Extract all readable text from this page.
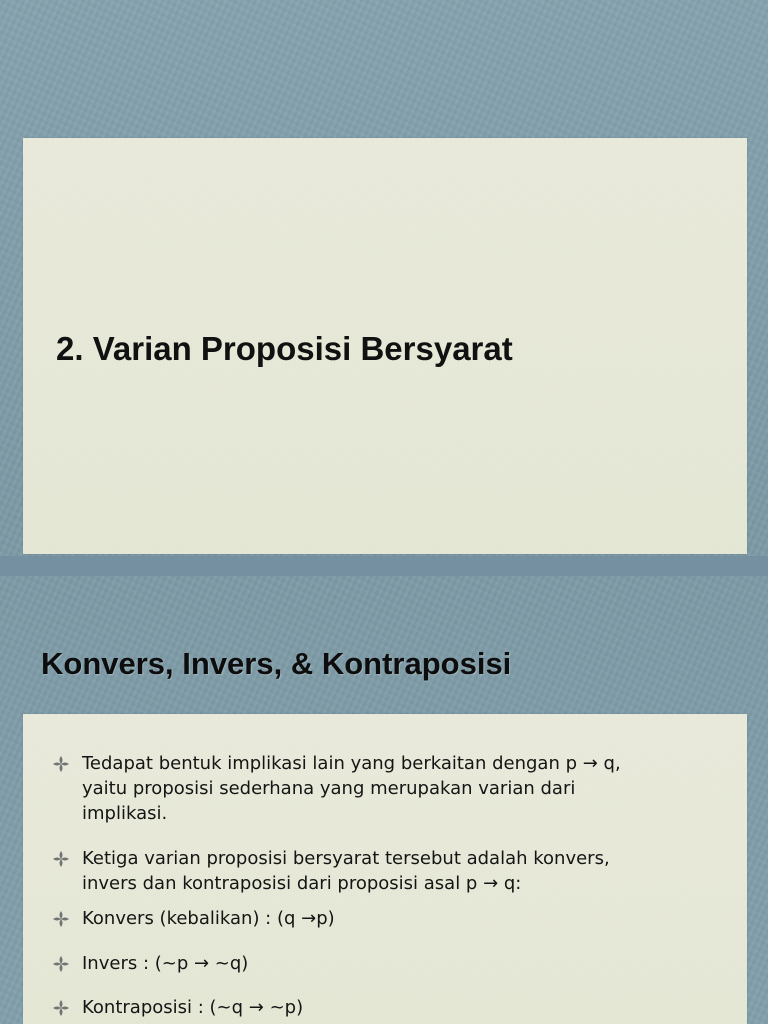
2. Varian Proposisi Bersyarat
Konvers, Invers, & Kontraposisi
Tedapat bentuk implikasi lain yang berkaitan dengan p → q,
yaitu proposisi sederhana yang merupakan varian dari
implikasi.
Ketiga varian proposisi bersyarat tersebut adalah konvers,
invers dan kontraposisi dari proposisi asal p → q:
Konvers (kebalikan) : (q →p)
Invers : (~p → ~q)
Kontraposisi : (~q → ~p)
